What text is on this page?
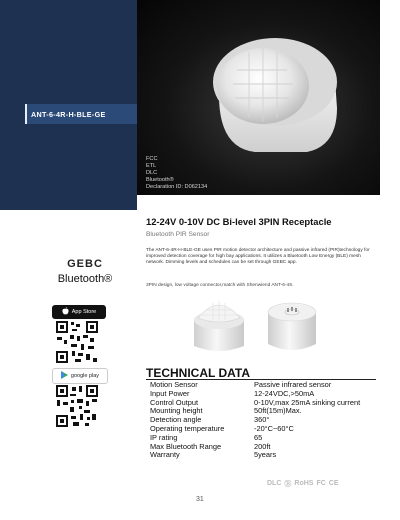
ANT-6-4R-H-BLE-GE
FCC
ETL
DLC
Bluetooth®
Declaration ID: D062134
12-24V 0-10V DC Bi-level 3PIN Receptacle
Bluetooth PIR Sensor
The ANT-6-4R-H-BLE-GE uses PIR motion detector architecture and passive infrared (PIR)technology for improved detection coverage for high bay applications. It utilizes a Bluetooth Low Energy (BLE) mesh network. Dimming levels and schedules can be set through GEBC app.
3PIN design, low voltage connector,match with Shenwiend ANT-6-4S.
GEBC
Bluetooth®
App Store
google play	TECHNICAL DATA
Motion Sensor	Passive infrared sensor
Input Power	12-24VDC,>50mA
Control Output	0-10V,max 25mA sinking current
Mounting height	50ft(15m)Max.
Detection angle	360°
Operating temperature	-20°C~60°C
IP rating	65
Max Bluetooth Range	200ft
Warranty	5years
DLC Ⓑ RoHS FC CE
31
